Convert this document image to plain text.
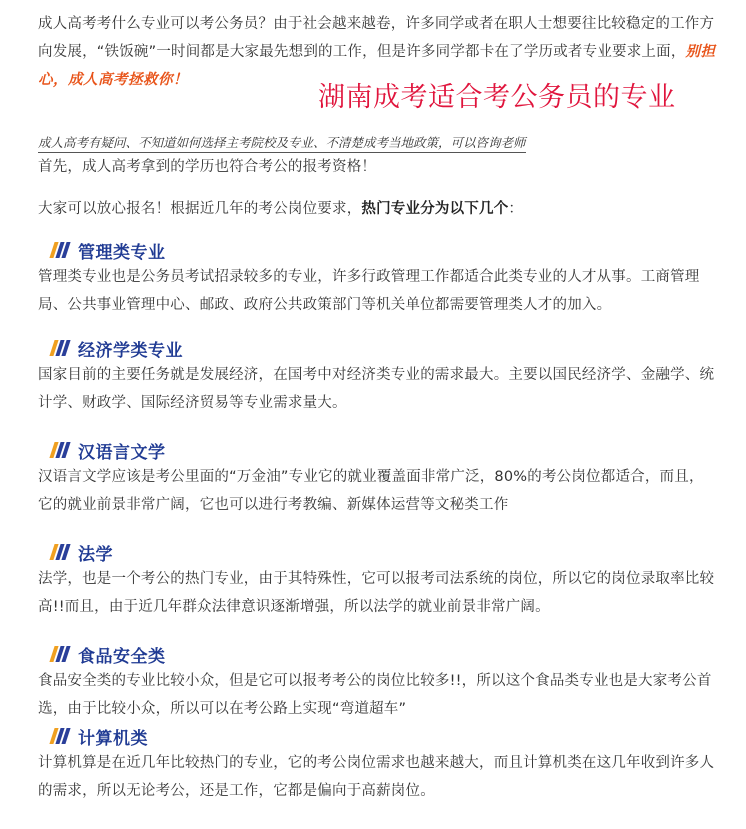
成人高考考什么专业可以考公务员？由于社会越来越卷，许多同学或者在职人士想要往比较稳定的工作方向发展，“铁饭碗”一时间都是大家最先想到的工作，但是许多同学都卡在了学历或者专业要求上面，别担心，成人高考拯救你！

成人高考有疑问、不知道如何选择主考院校及专业、不清楚成考当地政策，可以咨询老师

首先，成人高考拿到的学历也符合考公的报考资格！

大家可以放心报名！根据近几年的考公岗位要求，热门专业分为以下几个：

管理类专业

管理类专业也是公务员考试招录较多的专业，许多行政管理工作都适合此类专业的人才从事。工商管理局、公共事业管理中心、邮政、政府公共政策部门等机关单位都需要管理类人才的加入。

经济学类专业

国家目前的主要任务就是发展经济，在国考中对经济类专业的需求最大。主要以国民经济学、金融学、统计学、财政学、国际经济贸易等专业需求量大。

汉语言文学

汉语言文学应该是考公里面的“万金油”专业它的就业覆盖面非常广泛，80%的考公岗位都适合，而且，它的就业前景非常广阔，它也可以进行考教编、新媒体运营等文秘类工作

法学

法学，也是一个考公的热门专业，由于其特殊性，它可以报考司法系统的岗位，所以它的岗位录取率比较高!!而且，由于近几年群众法律意识逐渐增强，所以法学的就业前景非常广阔。

食品安全类

食品安全类的专业比较小众，但是它可以报考考公的岗位比较多!!，所以这个食品类专业也是大家考公首选，由于比较小众，所以可以在考公路上实现“弯道超车”

计算机类

计算机算是在近几年比较热门的专业，它的考公岗位需求也越来越大，而且计算机类在这几年收到许多人的需求，所以无论考公，还是工作，它都是偏向于高薪岗位。

湖南成考适合考公务员的专业
